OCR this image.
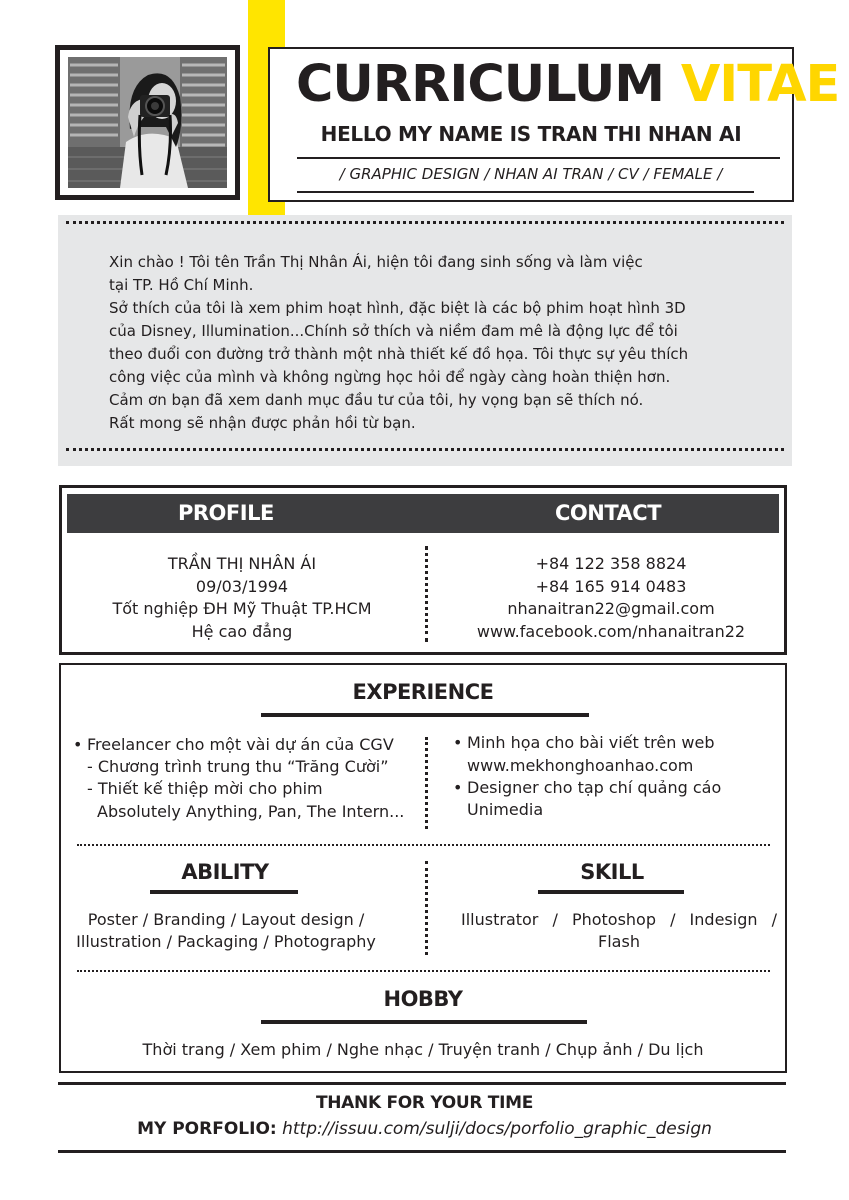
CURRICULUM VITAE
HELLO MY NAME IS TRAN THI NHAN AI
/ GRAPHIC DESIGN / NHAN AI TRAN / CV / FEMALE /
Xin chào ! Tôi tên Trần Thị Nhân Ái, hiện tôi đang sinh sống và làm việc
tại TP. Hồ Chí Minh.
Sở thích của tôi là xem phim hoạt hình, đặc biệt là các bộ phim hoạt hình 3D
của Disney, Illumination...Chính sở thích và niềm đam mê là động lực để tôi
theo đuổi con đường trở thành một nhà thiết kế đồ họa. Tôi thực sự yêu thích
công việc của mình và không ngừng học hỏi để ngày càng hoàn thiện hơn.
Cảm ơn bạn đã xem danh mục đầu tư của tôi, hy vọng bạn sẽ thích nó.
Rất mong sẽ nhận được phản hồi từ bạn.
PROFILE	CONTACT
TRẦN THỊ NHÂN ÁI
09/03/1994
Tốt nghiệp ĐH Mỹ Thuật TP.HCM
Hệ cao đẳng
+84 122 358 8824
+84 165 914 0483
nhanaitran22@gmail.com
www.facebook.com/nhanaitran22
EXPERIENCE
• Freelancer cho một vài dự án của CGV
- Chương trình trung thu “Trăng Cười”
- Thiết kế thiệp mời cho phim
Absolutely Anything, Pan, The Intern...
• Minh họa cho bài viết trên web
www.mekhonghoanhao.com
• Designer cho tạp chí quảng cáo
Unimedia
ABILITY
Poster / Branding / Layout design /
Illustration / Packaging / Photography
SKILL
Illustrator / Photoshop / Indesign /
Flash
HOBBY
Thời trang / Xem phim / Nghe nhạc / Truyện tranh / Chụp ảnh / Du lịch
THANK FOR YOUR TIME
MY PORFOLIO: http://issuu.com/sulji/docs/porfolio_graphic_design
